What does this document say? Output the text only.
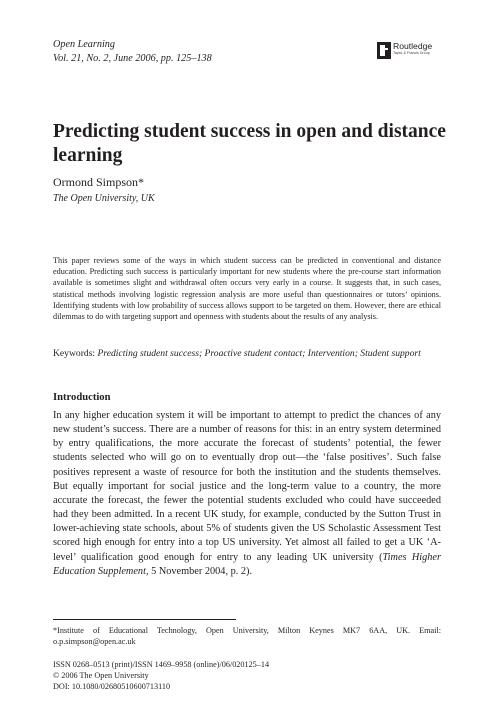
Open Learning
Vol. 21, No. 2, June 2006, pp. 125–138
Routledge
Taylor & Francis Group
Predicting student success in open and distance learning
Ormond Simpson*
The Open University, UK
This paper reviews some of the ways in which student success can be predicted in conventional and distance education. Predicting such success is particularly important for new students where the pre-course start information available is sometimes slight and withdrawal often occurs very early in a course. It suggests that, in such cases, statistical methods involving logistic regression analysis are more useful than questionnaires or tutors’ opinions. Identifying students with low probability of success allows support to be targeted on them. However, there are ethical dilemmas to do with targeting support and openness with students about the results of any analysis.
Keywords: Predicting student success; Proactive student contact; Intervention; Student support
Introduction
In any higher education system it will be important to attempt to predict the chances of any new student’s success. There are a number of reasons for this: in an entry system determined by entry qualifications, the more accurate the forecast of students’ potential, the fewer students selected who will go on to eventually drop out—the ‘false positives’. Such false positives represent a waste of resource for both the institution and the students themselves. But equally important for social justice and the long-term value to a country, the more accurate the forecast, the fewer the potential students excluded who could have succeeded had they been admitted. In a recent UK study, for example, conducted by the Sutton Trust in lower-achieving state schools, about 5% of students given the US Scholastic Assessment Test scored high enough for entry into a top US university. Yet almost all failed to get a UK ‘A-level’ qualification good enough for entry to any leading UK university (Times Higher Education Supplement, 5 November 2004, p. 2).
*Institute of Educational Technology, Open University, Milton Keynes MK7 6AA, UK. Email: o.p.simpson@open.ac.uk
ISSN 0268–0513 (print)/ISSN 1469–9958 (online)/06/020125–14
© 2006 The Open University
DOI: 10.1080/02680510600713110
